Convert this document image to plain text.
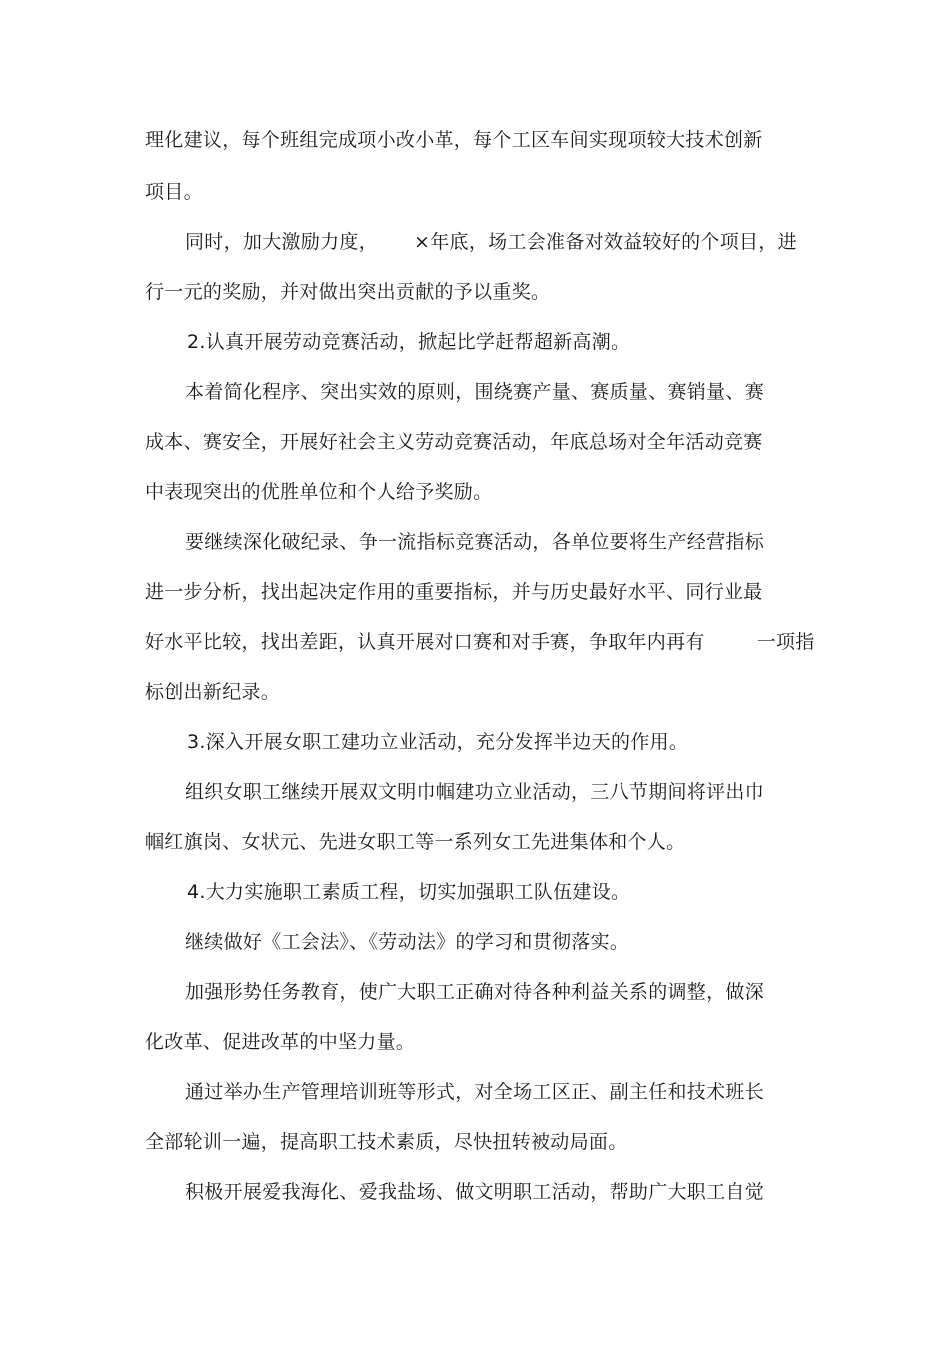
理化建议，每个班组完成项小改小革，每个工区车间实现项较大技术创新
项目。
同时，加大激励力度， ×年底，场工会准备对效益较好的个项目，进
行一元的奖励，并对做出突出贡献的予以重奖。
2.认真开展劳动竞赛活动，掀起比学赶帮超新高潮。
本着简化程序、突出实效的原则，围绕赛产量、赛质量、赛销量、赛
成本、赛安全，开展好社会主义劳动竞赛活动，年底总场对全年活动竞赛
中表现突出的优胜单位和个人给予奖励。
要继续深化破纪录、争一流指标竞赛活动，各单位要将生产经营指标
进一步分析，找出起决定作用的重要指标，并与历史最好水平、同行业最
好水平比较，找出差距，认真开展对口赛和对手赛，争取年内再有	一项指
标创出新纪录。
3.深入开展女职工建功立业活动，充分发挥半边天的作用。
组织女职工继续开展双文明巾帼建功立业活动，三八节期间将评出巾
帼红旗岗、女状元、先进女职工等一系列女工先进集体和个人。
4.大力实施职工素质工程，切实加强职工队伍建设。
继续做好《工会法》、《劳动法》的学习和贯彻落实。
加强形势任务教育，使广大职工正确对待各种利益关系的调整，做深
化改革、促进改革的中坚力量。
通过举办生产管理培训班等形式，对全场工区正、副主任和技术班长
全部轮训一遍，提高职工技术素质，尽快扭转被动局面。
积极开展爱我海化、爱我盐场、做文明职工活动，帮助广大职工自觉
